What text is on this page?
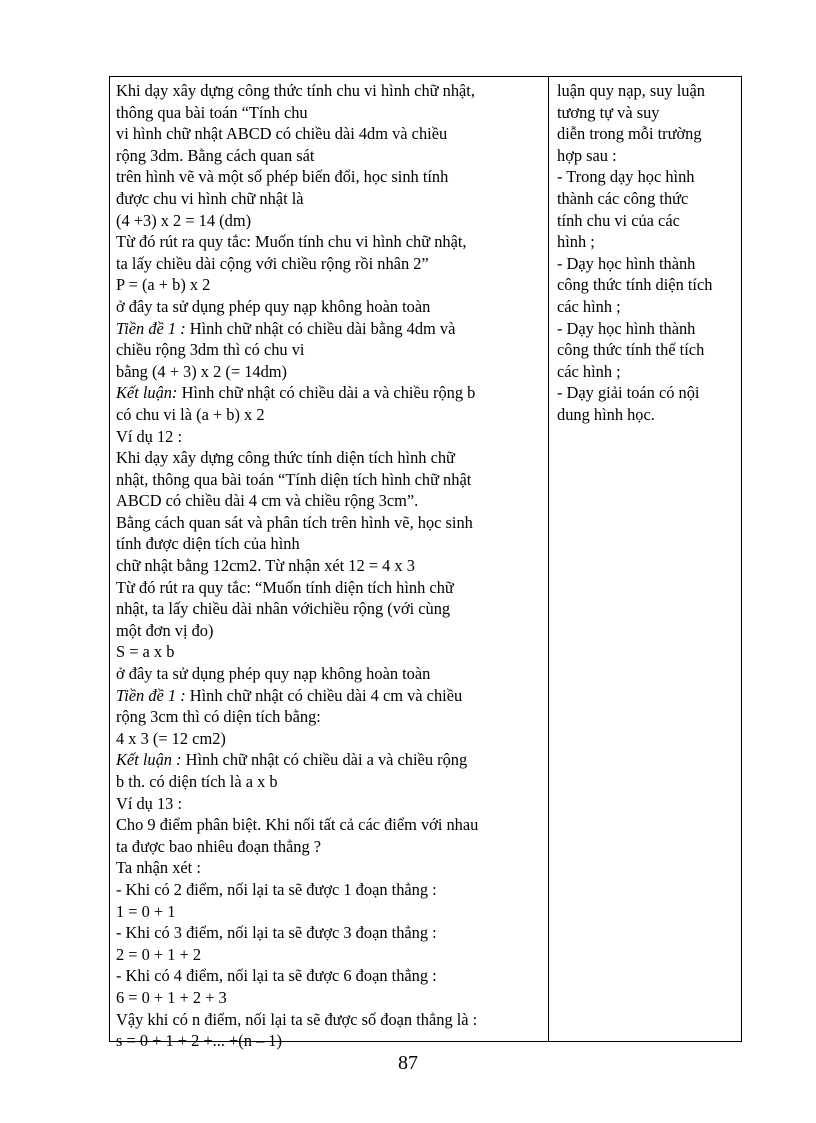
Khi dạy xây dựng công thức tính chu vi hình chữ nhật,
thông qua bài toán “Tính chu
vi hình chữ nhật ABCD có chiều dài 4dm và chiều
rộng 3dm. Bằng cách quan sát
trên hình vẽ và một số phép biến đổi, học sinh tính
được chu vi hình chữ nhật là
(4 +3) x 2 = 14 (dm)
Từ đó rút ra quy tắc: Muốn tính chu vi hình chữ nhật,
ta lấy chiều dài cộng với chiều rộng rồi nhân 2”
P = (a + b) x 2
ở đây ta sử dụng phép quy nạp không hoàn toàn
Tiền đề 1 : Hình chữ nhật có chiều dài bằng 4dm và
chiều rộng 3dm thì có chu vi
bằng (4 + 3) x 2 (= 14dm)
Kết luận: Hình chữ nhật có chiều dài a và chiều rộng b
có chu vi là (a + b) x 2
Ví dụ 12 :
Khi dạy xây dựng công thức tính diện tích hình chữ
nhật, thông qua bài toán “Tính diện tích hình chữ nhật
ABCD có chiều dài 4 cm và chiều rộng 3cm”.
Bằng cách quan sát và phân tích trên hình vẽ, học sinh
tính được diện tích của hình
chữ nhật bằng 12cm2. Từ nhận xét 12 = 4 x 3
Từ đó rút ra quy tắc: “Muốn tính diện tích hình chữ
nhật, ta lấy chiều dài nhân vớichiều rộng (với cùng
một đơn vị đo)
S = a x b
ở đây ta sử dụng phép quy nạp không hoàn toàn
Tiền đề 1 : Hình chữ nhật có chiều dài 4 cm và chiều
rộng 3cm thì có diện tích bằng:
4 x 3 (= 12 cm2)
Kết luận : Hình chữ nhật có chiều dài a và chiều rộng
b th. có diện tích là a x b
Ví dụ 13 :
Cho 9 điểm phân biệt. Khi nối tất cả các điểm với nhau
ta được bao nhiêu đoạn thẳng ?
Ta nhận xét :
- Khi có 2 điểm, nối lại ta sẽ được 1 đoạn thẳng :
1 = 0 + 1
- Khi có 3 điểm, nối lại ta sẽ được 3 đoạn thẳng :
2 = 0 + 1 + 2
- Khi có 4 điểm, nối lại ta sẽ được 6 đoạn thẳng :
6 = 0 + 1 + 2 + 3
Vậy khi có n điểm, nối lại ta sẽ được số đoạn thẳng là :
s = 0 + 1 + 2 +... +(n – 1)
luận quy nạp, suy luận
tương tự và suy
diễn trong mỗi trường
hợp sau :
- Trong dạy học hình
thành các công thức
tính chu vi của các
hình ;
- Dạy học hình thành
công thức tính diện tích
các hình ;
- Dạy học hình thành
công thức tính thể tích
các hình ;
- Dạy giải toán có nội
dung hình học.
87
